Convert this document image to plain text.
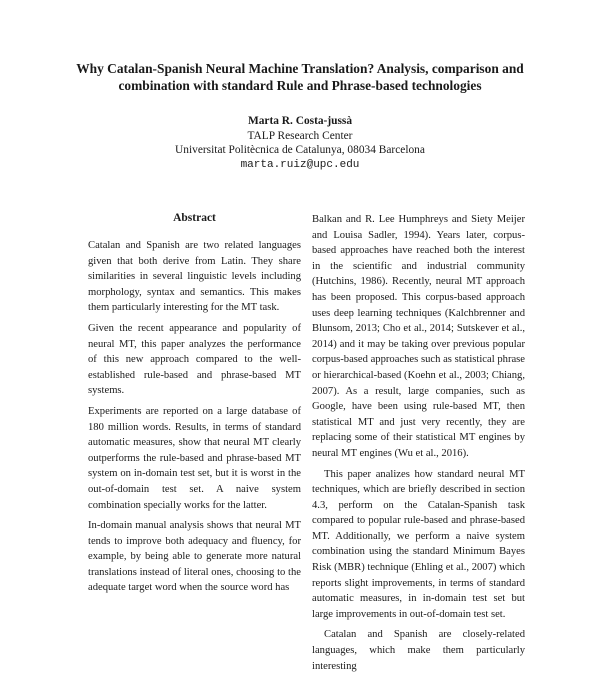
Why Catalan-Spanish Neural Machine Translation? Analysis, comparison and combination with standard Rule and Phrase-based technologies
Marta R. Costa-jussà
TALP Research Center
Universitat Politècnica de Catalunya, 08034 Barcelona
marta.ruiz@upc.edu
Abstract

Catalan and Spanish are two related languages given that both derive from Latin. They share similarities in several linguistic levels including morphology, syntax and semantics. This makes them particularly interesting for the MT task.

Given the recent appearance and popularity of neural MT, this paper analyzes the performance of this new approach compared to the well-established rule-based and phrase-based MT systems.

Experiments are reported on a large database of 180 million words. Results, in terms of standard automatic measures, show that neural MT clearly outperforms the rule-based and phrase-based MT system on in-domain test set, but it is worst in the out-of-domain test set. A naive system combination specially works for the latter.

In-domain manual analysis shows that neural MT tends to improve both adequacy and fluency, for example, by being able to generate more natural translations instead of literal ones, choosing to the adequate target word when the source word has

Balkan and R. Lee Humphreys and Siety Meijer and Louisa Sadler, 1994). Years later, corpus-based approaches have reached both the interest in the scientific and industrial community (Hutchins, 1986). Recently, neural MT approach has been proposed. This corpus-based approach uses deep learning techniques (Kalchbrenner and Blunsom, 2013; Cho et al., 2014; Sutskever et al., 2014) and it may be taking over previous popular corpus-based approaches such as statistical phrase or hierarchical-based (Koehn et al., 2003; Chiang, 2007). As a result, large companies, such as Google, have been using rule-based MT, then statistical MT and just very recently, they are replacing some of their statistical MT engines by neural MT engines (Wu et al., 2016).

This paper analizes how standard neural MT techniques, which are briefly described in section 4.3, perform on the Catalan-Spanish task compared to popular rule-based and phrase-based MT. Additionally, we perform a naive system combination using the standard Minimum Bayes Risk (MBR) technique (Ehling et al., 2007) which reports slight improvements, in terms of standard automatic measures, in in-domain test set but large improvements in out-of-domain test set.

Catalan and Spanish are closely-related languages, which make them particularly interesting
